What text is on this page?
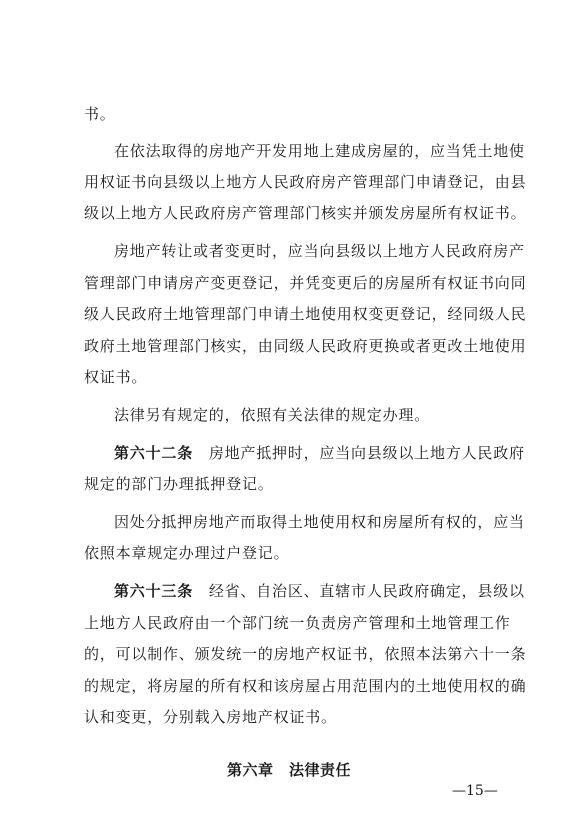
书。
在依法取得的房地产开发用地上建成房屋的，应当凭土地使
用权证书向县级以上地方人民政府房产管理部门申请登记，由县
级以上地方人民政府房产管理部门核实并颁发房屋所有权证书。
房地产转让或者变更时，应当向县级以上地方人民政府房产
管理部门申请房产变更登记，并凭变更后的房屋所有权证书向同
级人民政府土地管理部门申请土地使用权变更登记，经同级人民
政府土地管理部门核实，由同级人民政府更换或者更改土地使用
权证书。
法律另有规定的，依照有关法律的规定办理。
第六十二条　房地产抵押时，应当向县级以上地方人民政府
规定的部门办理抵押登记。
因处分抵押房地产而取得土地使用权和房屋所有权的，应当
依照本章规定办理过户登记。
第六十三条　经省、自治区、直辖市人民政府确定，县级以
上地方人民政府由一个部门统一负责房产管理和土地管理工作
的，可以制作、颁发统一的房地产权证书，依照本法第六十一条
的规定，将房屋的所有权和该房屋占用范围内的土地使用权的确
认和变更，分别载入房地产权证书。
第六章　法律责任
—15—
